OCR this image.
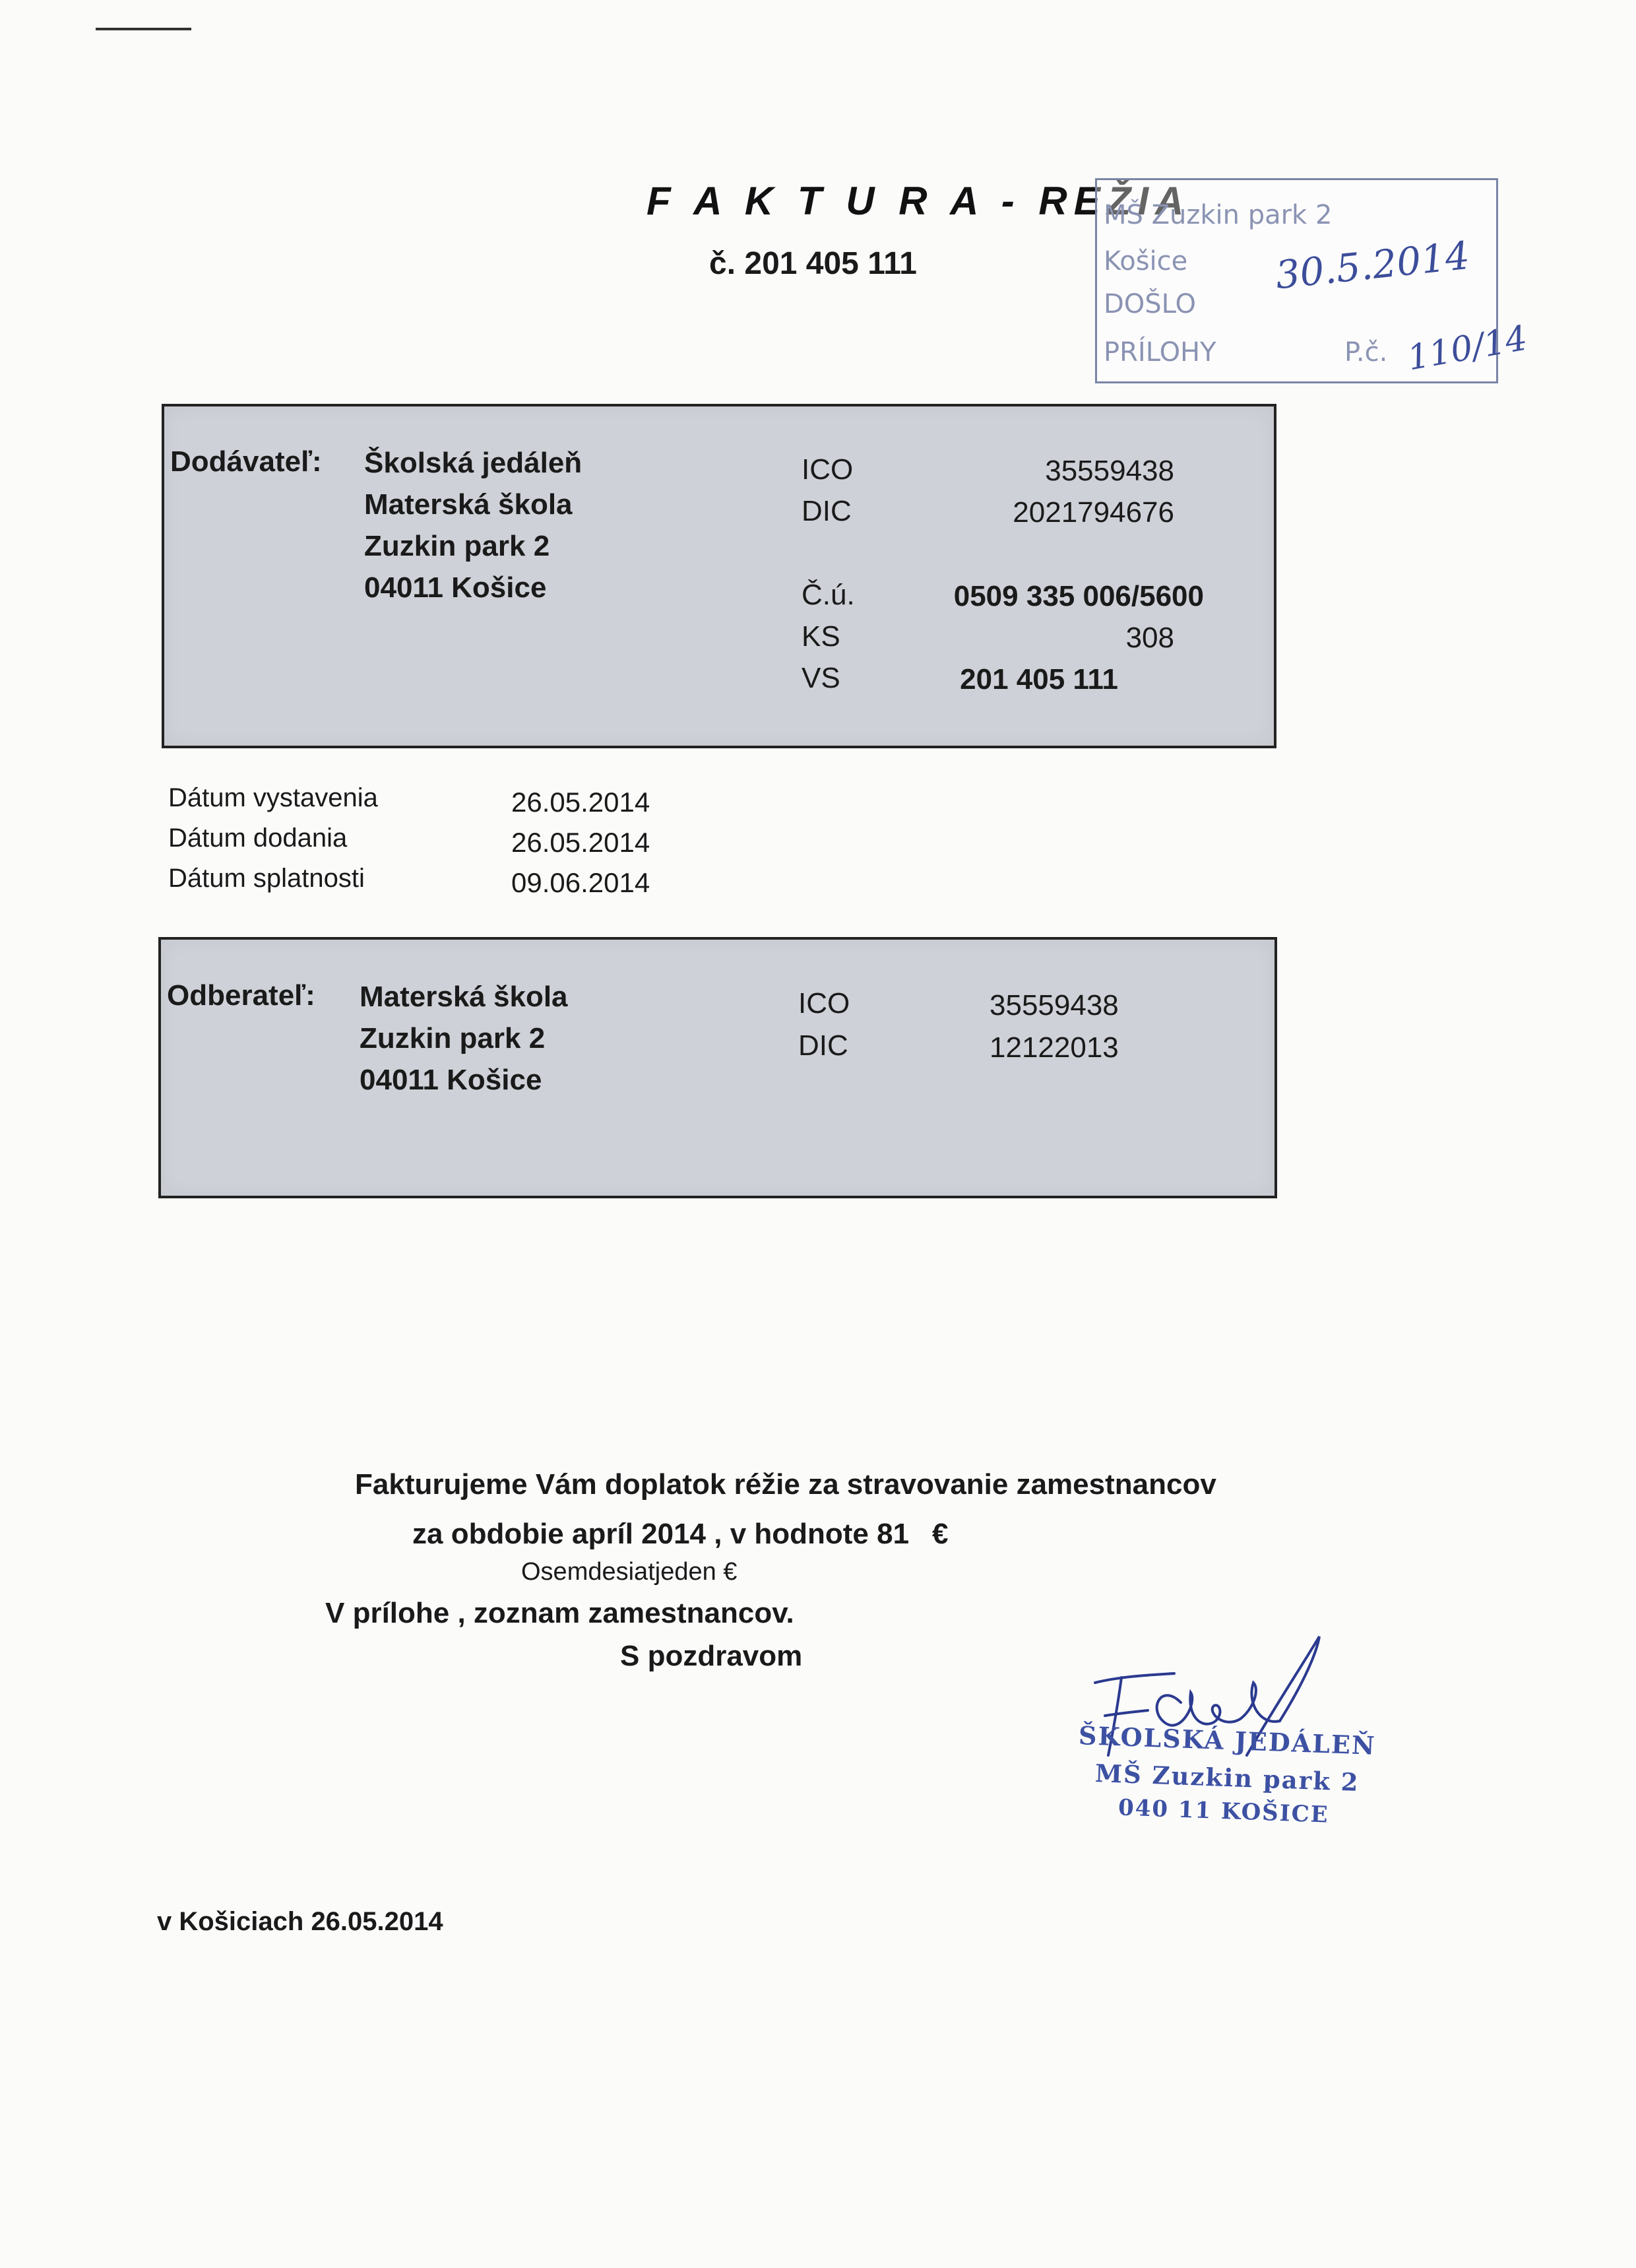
F A K T U R A - REŽIA
č. 201 405 111
MŠ Zuzkin park 2
Košice
DOŠLO
PRÍLOHY	P.č.
30.5.2014
110/14
Dodávateľ: Školská jedáleň
Materská škola
Zuzkin park 2
04011 Košice
ICO	35559438
DIC	2021794676
Č.ú.	0509 335 006/5600
KS	308
VS	201 405 111
Dátum vystavenia	26.05.2014
Dátum dodania	26.05.2014
Dátum splatnosti	09.06.2014
Odberateľ: Materská škola
Zuzkin park 2
04011 Košice
ICO	35559438
DIC	12122013
Fakturujeme Vám doplatok réžie za stravovanie zamestnancov
za obdobie apríl 2014 , v hodnote 81 €
Osemdesiatjeden €
V prílohe , zoznam zamestnancov.
S pozdravom
ŠKOLSKÁ JEDÁLEŇ
MŠ Zuzkin park 2
040 11 KOŠICE
v Košiciach 26.05.2014
